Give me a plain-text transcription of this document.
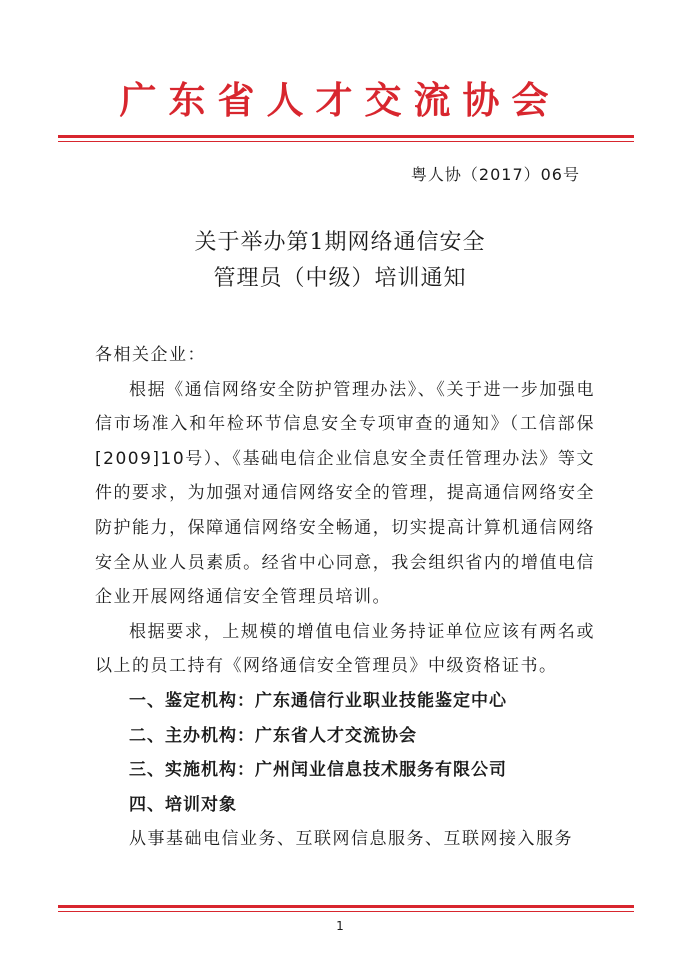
广东省人才交流协会
粤人协（2017）06号
关于举办第1期网络通信安全
管理员（中级）培训通知

各相关企业：

根据《通信网络安全防护管理办法》、《关于进一步加强电信市场准入和年检环节信息安全专项审查的通知》（工信部保[2009]10号）、《基础电信企业信息安全责任管理办法》等文件的要求，为加强对通信网络安全的管理，提高通信网络安全防护能力，保障通信网络安全畅通，切实提高计算机通信网络安全从业人员素质。经省中心同意，我会组织省内的增值电信企业开展网络通信安全管理员培训。

根据要求，上规模的增值电信业务持证单位应该有两名或以上的员工持有《网络通信安全管理员》中级资格证书。

一、鉴定机构：广东通信行业职业技能鉴定中心

二、主办机构：广东省人才交流协会

三、实施机构：广州闰业信息技术服务有限公司

四、培训对象

从事基础电信业务、互联网信息服务、互联网接入服务

1
